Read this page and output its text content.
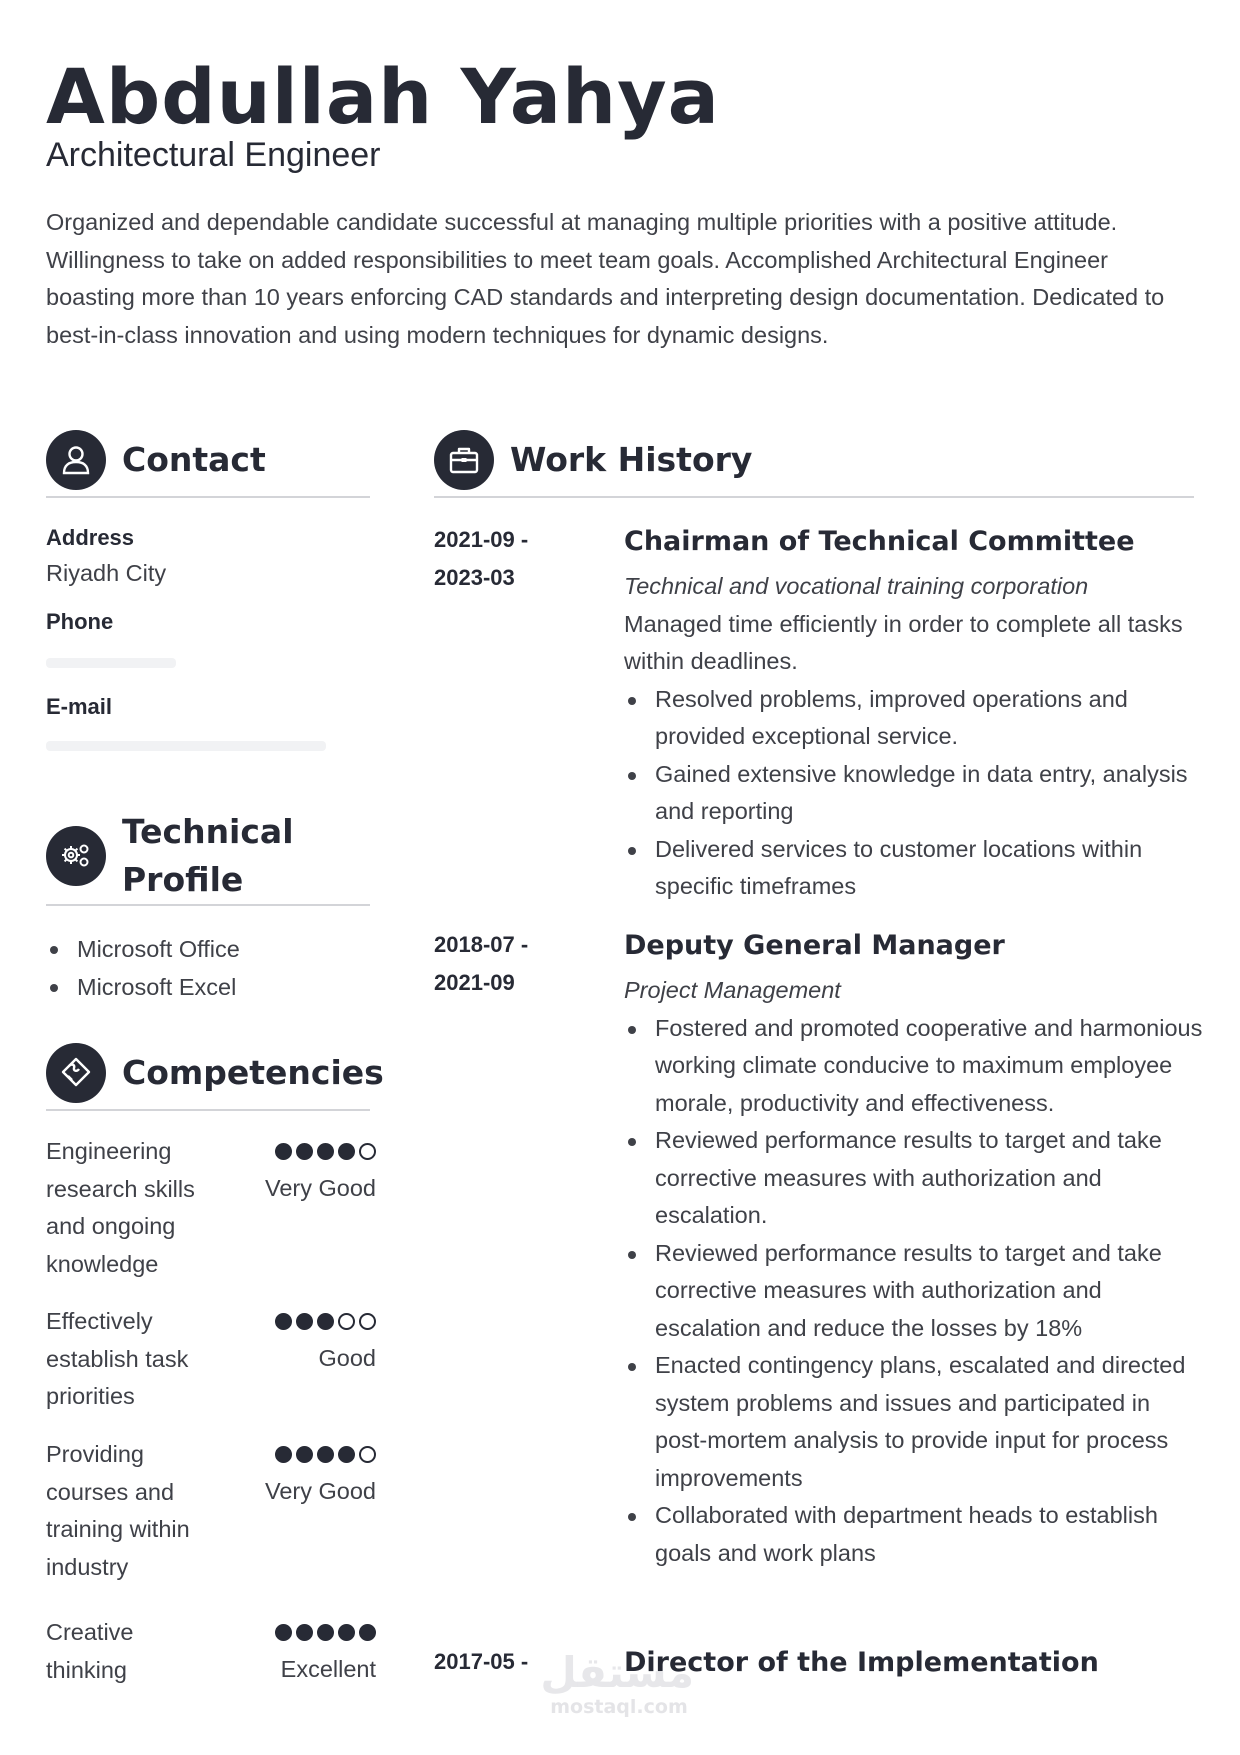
Abdullah Yahya
Architectural Engineer

Organized and dependable candidate successful at managing multiple priorities with a positive attitude. Willingness to take on added responsibilities to meet team goals. Accomplished Architectural Engineer boasting more than 10 years enforcing CAD standards and interpreting design documentation. Dedicated to best-in-class innovation and using modern techniques for dynamic designs.

Contact
Address
Riyadh City
Phone
E-mail
Technical
Profile
Microsoft Office
Microsoft Excel
Competencies
Engineering research skills and ongoing knowledge
Very Good
Effectively establish task priorities
Good
Providing courses and training within industry
Very Good
Creative thinking	Excellent
Work History
2021-09 -
2023-03
Chairman of Technical Committee
Technical and vocational training corporation
Managed time efficiently in order to complete all tasks within deadlines.
Resolved problems, improved operations and provided exceptional service.
Gained extensive knowledge in data entry, analysis and reporting
Delivered services to customer locations within specific timeframes
2018-07 -
2021-09
Deputy General Manager
Project Management
Fostered and promoted cooperative and harmonious working climate conducive to maximum employee morale, productivity and effectiveness.
Reviewed performance results to target and take corrective measures with authorization and escalation.
Reviewed performance results to target and take corrective measures with authorization and escalation and reduce the losses by 18%
Enacted contingency plans, escalated and directed system problems and issues and participated in post-mortem analysis to provide input for process improvements
Collaborated with department heads to establish goals and work plans
2017-05 -	Director of the Implementation
مستقل
mostaql.com
